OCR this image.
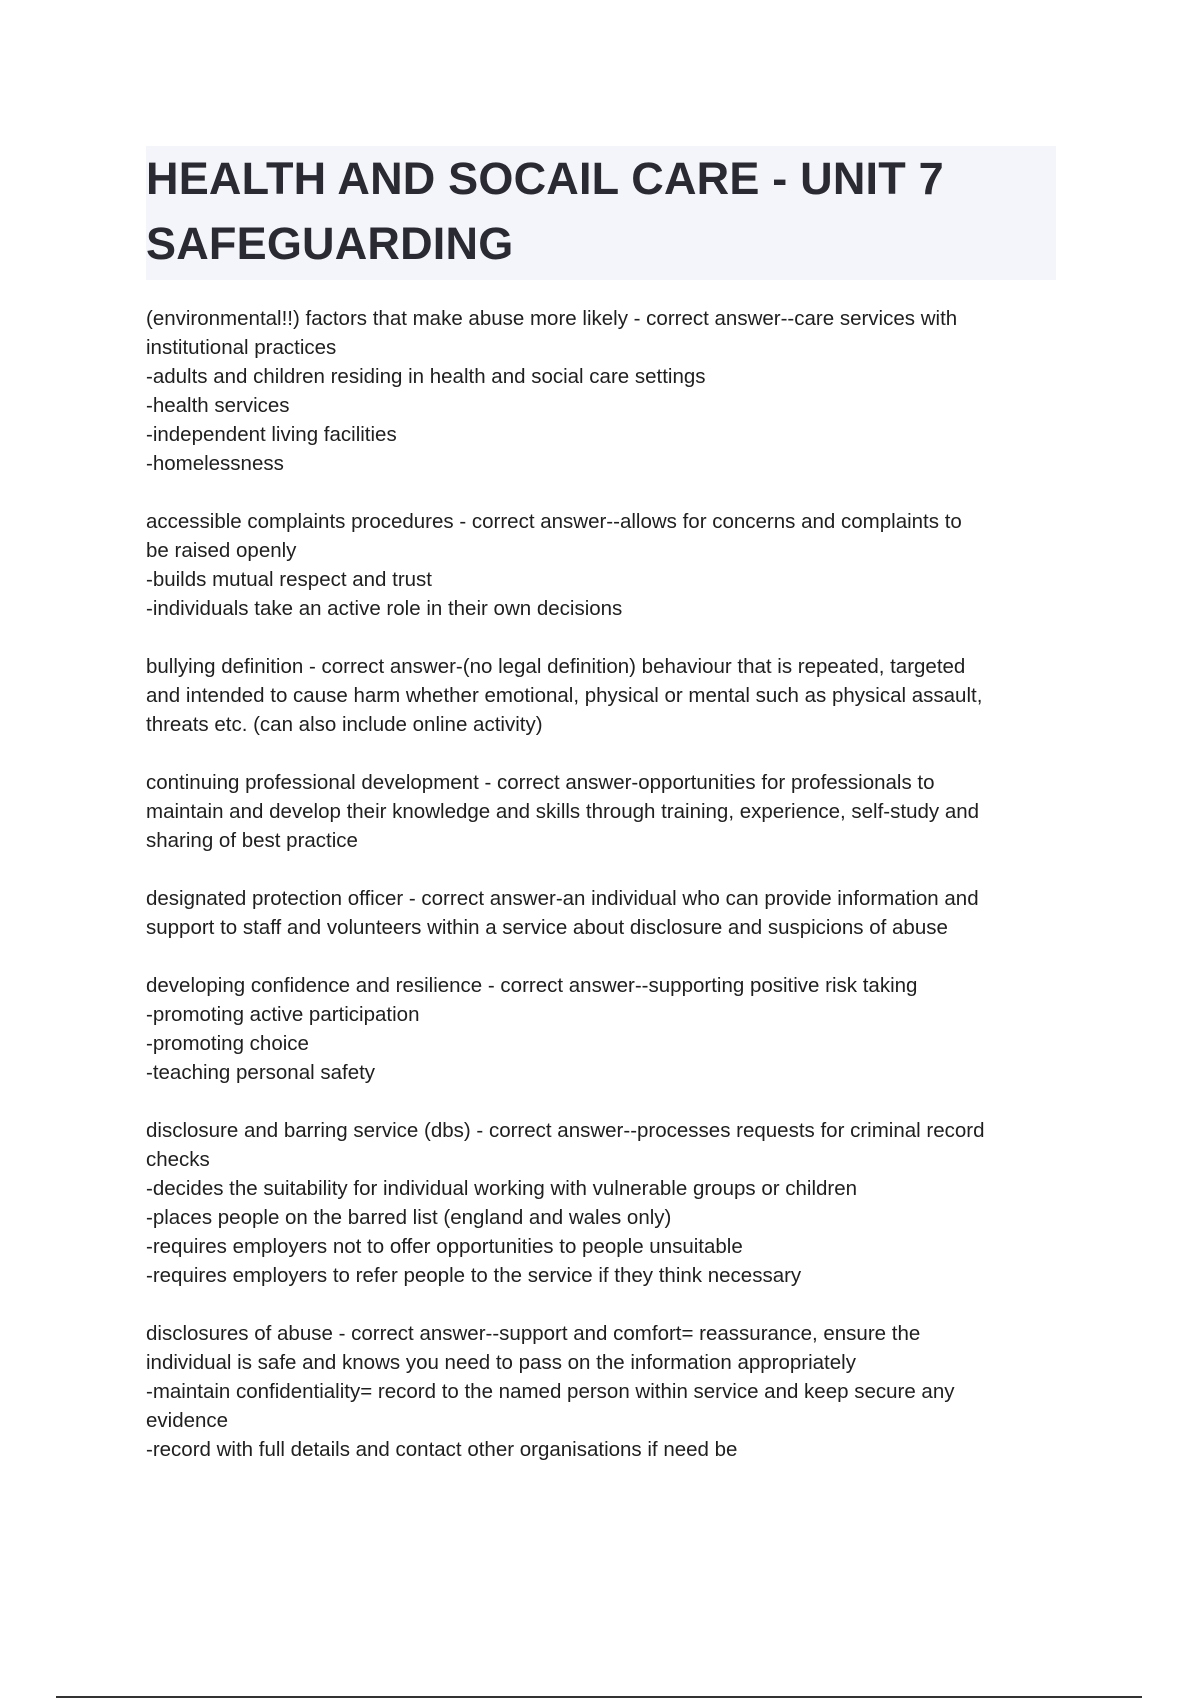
HEALTH AND SOCAIL CARE - UNIT 7
SAFEGUARDING
(environmental!!) factors that make abuse more likely - correct answer--care services with
institutional practices
-adults and children residing in health and social care settings
-health services
-independent living facilities
-homelessness
accessible complaints procedures - correct answer--allows for concerns and complaints to
be raised openly
-builds mutual respect and trust
-individuals take an active role in their own decisions
bullying definition - correct answer-(no legal definition) behaviour that is repeated, targeted
and intended to cause harm whether emotional, physical or mental such as physical assault,
threats etc. (can also include online activity)
continuing professional development - correct answer-opportunities for professionals to
maintain and develop their knowledge and skills through training, experience, self-study and
sharing of best practice
designated protection officer - correct answer-an individual who can provide information and
support to staff and volunteers within a service about disclosure and suspicions of abuse
developing confidence and resilience - correct answer--supporting positive risk taking
-promoting active participation
-promoting choice
-teaching personal safety
disclosure and barring service (dbs) - correct answer--processes requests for criminal record
checks
-decides the suitability for individual working with vulnerable groups or children
-places people on the barred list (england and wales only)
-requires employers not to offer opportunities to people unsuitable
-requires employers to refer people to the service if they think necessary
disclosures of abuse - correct answer--support and comfort= reassurance, ensure the
individual is safe and knows you need to pass on the information appropriately
-maintain confidentiality= record to the named person within service and keep secure any
evidence
-record with full details and contact other organisations if need be
